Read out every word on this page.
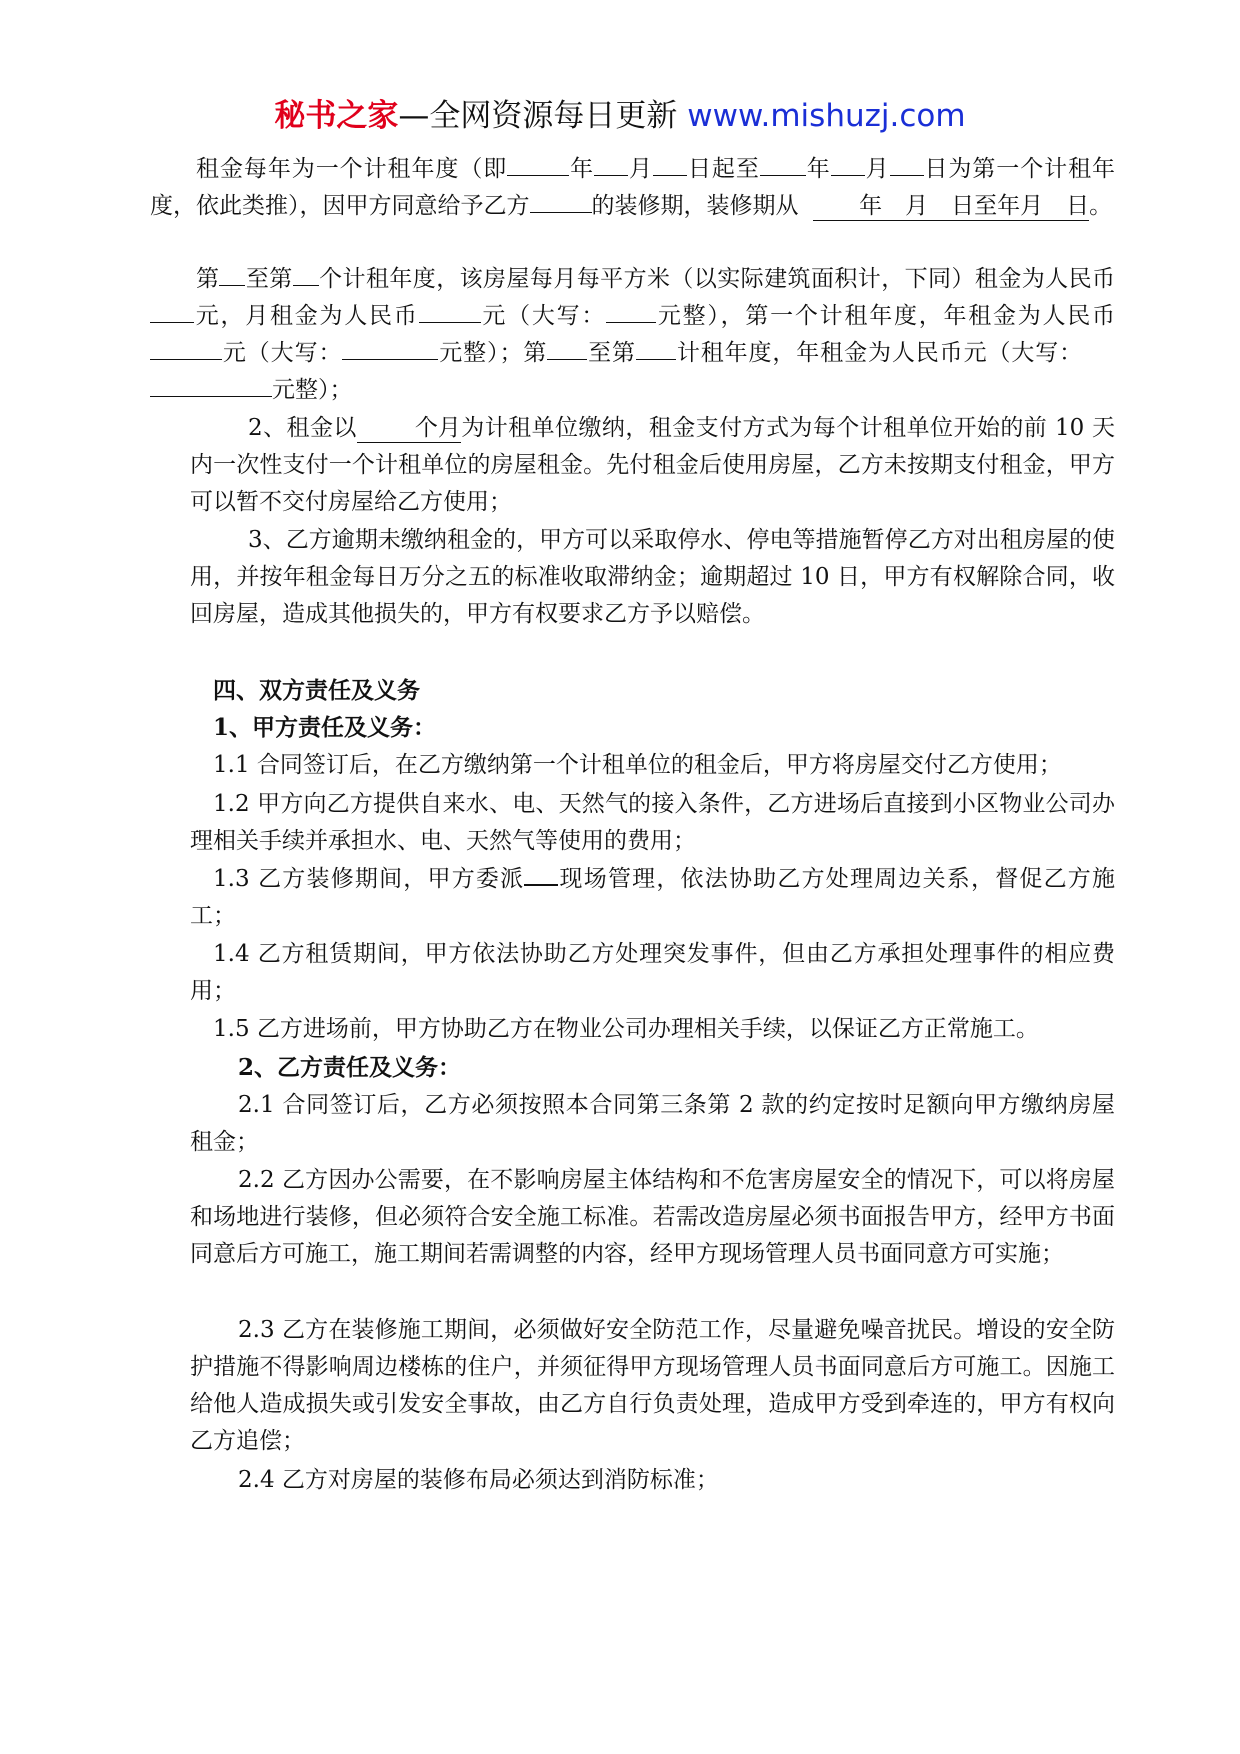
秘书之家—全网资源每日更新 www.mishuzj.com

租金每年为一个计租年度（即	年 月 日起至 年 月 日为第一个计租年度，依此类推），因甲方同意给予乙方	的装修期，装修期从	年　月　日至年月　日。

第 至第 个计租年度，该房屋每月每平方米（以实际建筑面积计，下同）租金为人民币元，月租金为人民币	元（大写： 元整），第一个计租年度，年租金为人民币元（大写：	元整）；第 至第 计租年度，年租金为人民币元（大写：    元整）；

2、租金以	个月为计租单位缴纳，租金支付方式为每个计租单位开始的前 10 天内一次性支付一个计租单位的房屋租金。先付租金后使用房屋，乙方未按期支付租金，甲方可以暂不交付房屋给乙方使用；

3、乙方逾期未缴纳租金的，甲方可以采取停水、停电等措施暂停乙方对出租房屋的使用，并按年租金每日万分之五的标准收取滞纳金；逾期超过 10 日，甲方有权解除合同，收回房屋，造成其他损失的，甲方有权要求乙方予以赔偿。

四、双方责任及义务

1、甲方责任及义务：

1.1 合同签订后，在乙方缴纳第一个计租单位的租金后，甲方将房屋交付乙方使用；

1.2 甲方向乙方提供自来水、电、天然气的接入条件，乙方进场后直接到小区物业公司办理相关手续并承担水、电、天然气等使用的费用；

1.3 乙方装修期间，甲方委派 现场管理，依法协助乙方处理周边关系，督促乙方施工；

1.4 乙方租赁期间，甲方依法协助乙方处理突发事件，但由乙方承担处理事件的相应费用；

1.5 乙方进场前，甲方协助乙方在物业公司办理相关手续，以保证乙方正常施工。

2、乙方责任及义务：

2.1 合同签订后，乙方必须按照本合同第三条第 2 款的约定按时足额向甲方缴纳房屋租金；

2.2 乙方因办公需要，在不影响房屋主体结构和不危害房屋安全的情况下，可以将房屋和场地进行装修，但必须符合安全施工标准。若需改造房屋必须书面报告甲方，经甲方书面同意后方可施工，施工期间若需调整的内容，经甲方现场管理人员书面同意方可实施；

2.3 乙方在装修施工期间，必须做好安全防范工作，尽量避免噪音扰民。增设的安全防护措施不得影响周边楼栋的住户，并须征得甲方现场管理人员书面同意后方可施工。因施工给他人造成损失或引发安全事故，由乙方自行负责处理，造成甲方受到牵连的，甲方有权向乙方追偿；

2.4 乙方对房屋的装修布局必须达到消防标准；
